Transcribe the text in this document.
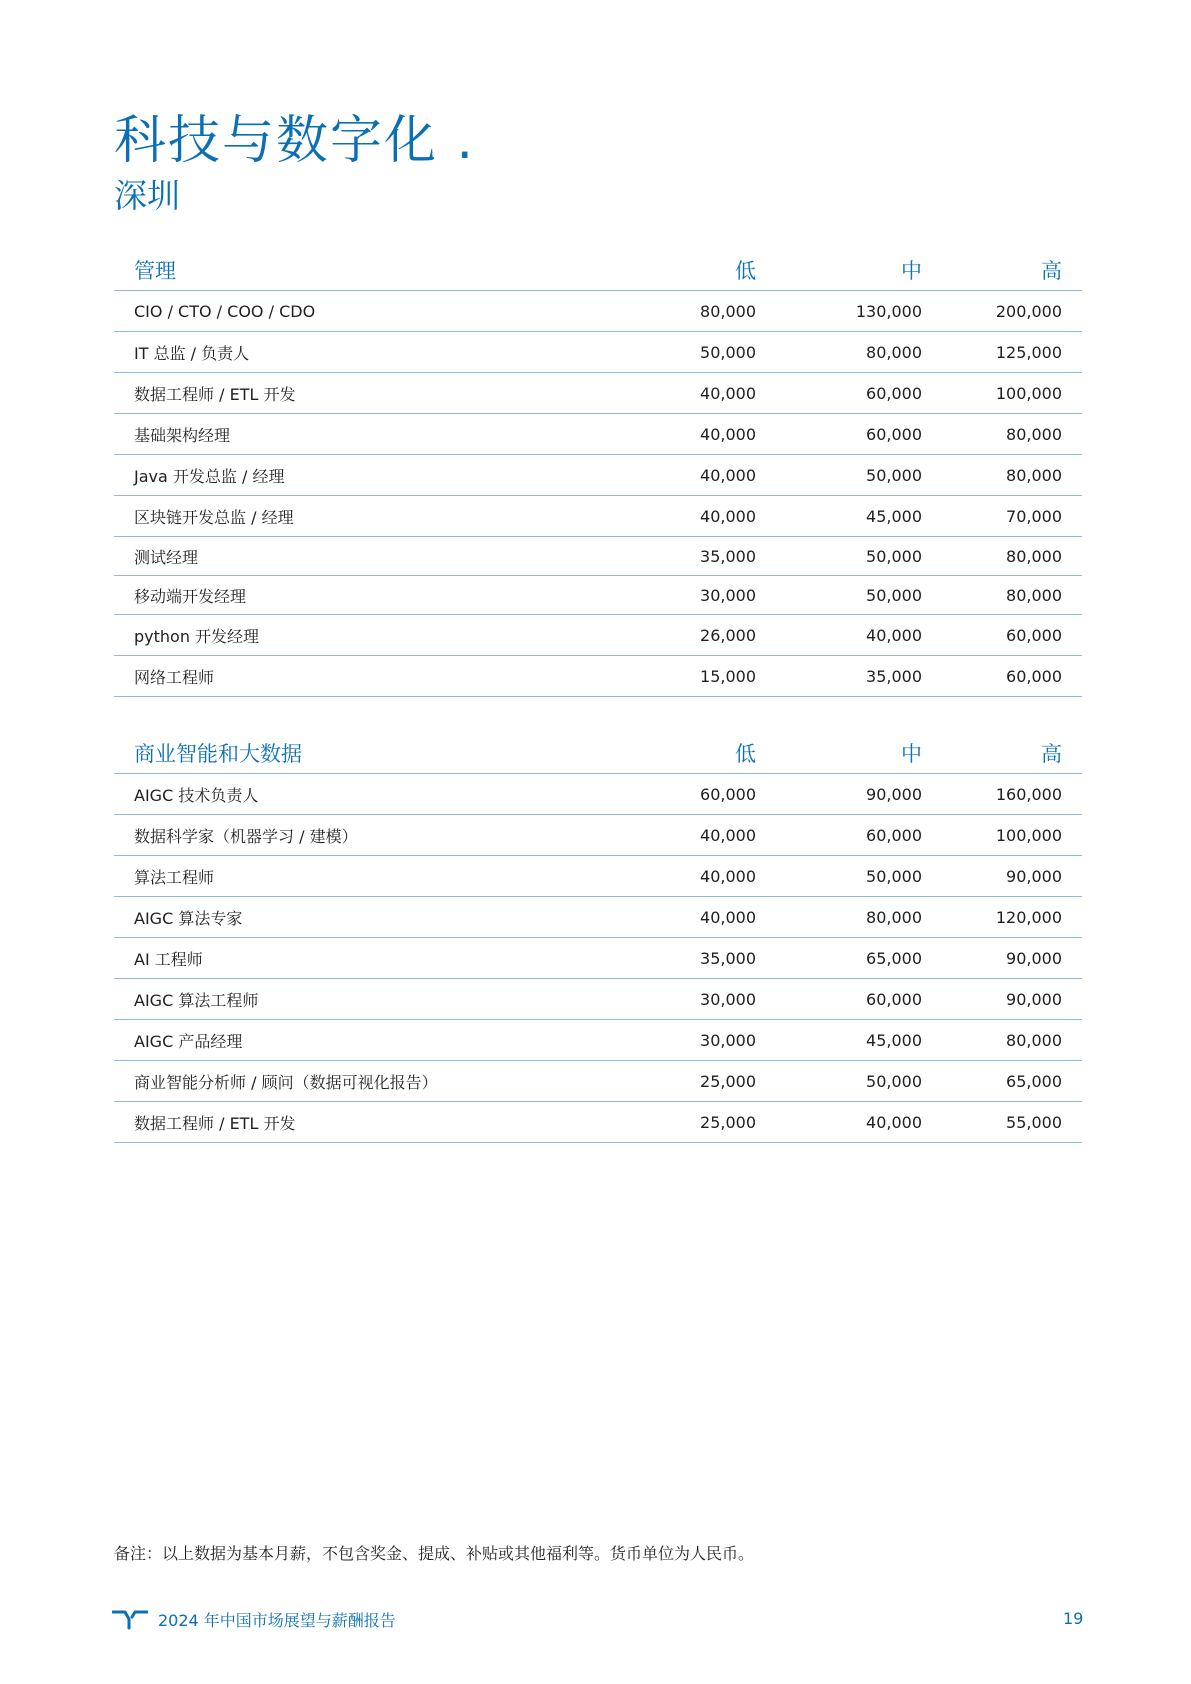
科技与数字化 .
深圳
管理	低	中	高
CIO / CTO / COO / CDO	80,000	130,000	200,000
IT 总监 / 负责人	50,000	80,000	125,000
数据工程师 / ETL 开发	40,000	60,000	100,000
基础架构经理	40,000	60,000	80,000
Java 开发总监 / 经理	40,000	50,000	80,000
区块链开发总监 / 经理	40,000	45,000	70,000
测试经理	35,000	50,000	80,000
移动端开发经理	30,000	50,000	80,000
python 开发经理	26,000	40,000	60,000
网络工程师	15,000	35,000	60,000
商业智能和大数据	低	中	高
AIGC 技术负责人	60,000	90,000	160,000
数据科学家（机器学习 / 建模）	40,000	60,000	100,000
算法工程师	40,000	50,000	90,000
AIGC 算法专家	40,000	80,000	120,000
AI 工程师	35,000	65,000	90,000
AIGC 算法工程师	30,000	60,000	90,000
AIGC 产品经理	30,000	45,000	80,000
商业智能分析师 / 顾问（数据可视化报告）	25,000	50,000	65,000
数据工程师 / ETL 开发	25,000	40,000	55,000
备注：以上数据为基本月薪，不包含奖金、提成、补贴或其他福利等。货币单位为人民币。
2024 年中国市场展望与薪酬报告	19
